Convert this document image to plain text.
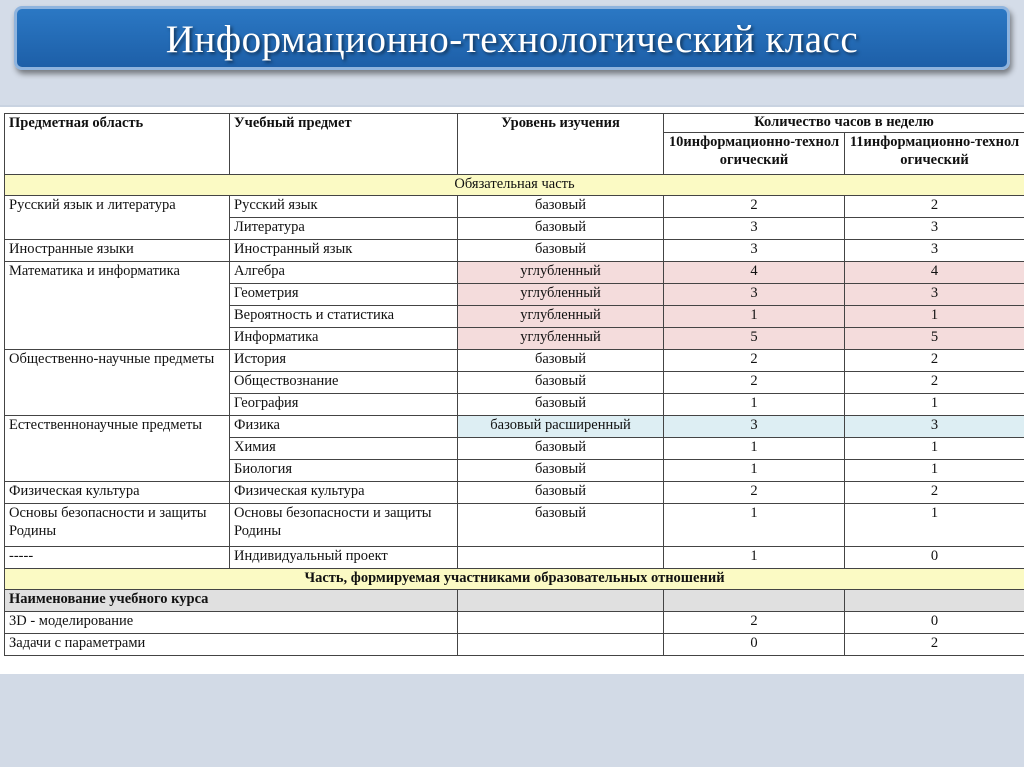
Информационно-технологический класс
Предметная область	Учебный предмет	Уровень изучения	Количество часов в неделю	
			10информационно-технологический	11информационно-технологический
Обязательная часть				
Русский язык и литература	Русский язык	базовый	2	2
	Литература	базовый	3	3
Иностранные языки	Иностранный язык	базовый	3	3
Математика и информатика	Алгебра	углубленный	4	4
	Геометрия	углубленный	3	3
	Вероятность и статистика	углубленный	1	1
	Информатика	углубленный	5	5
Общественно-научные предметы	История	базовый	2	2
	Обществознание	базовый	2	2
	География	базовый	1	1
Естественнонаучные предметы	Физика	базовый расширенный	3	3
	Химия	базовый	1	1
	Биология	базовый	1	1
Физическая культура	Физическая культура	базовый	2	2
Основы безопасности и защиты Родины	Основы безопасности и защиты Родины	базовый	1	1
-----	Индивидуальный проект		1	0
Часть, формируемая участниками образовательных отношений				
Наименование учебного курса				
3D - моделирование			2	0
Задачи с параметрами			0	2
